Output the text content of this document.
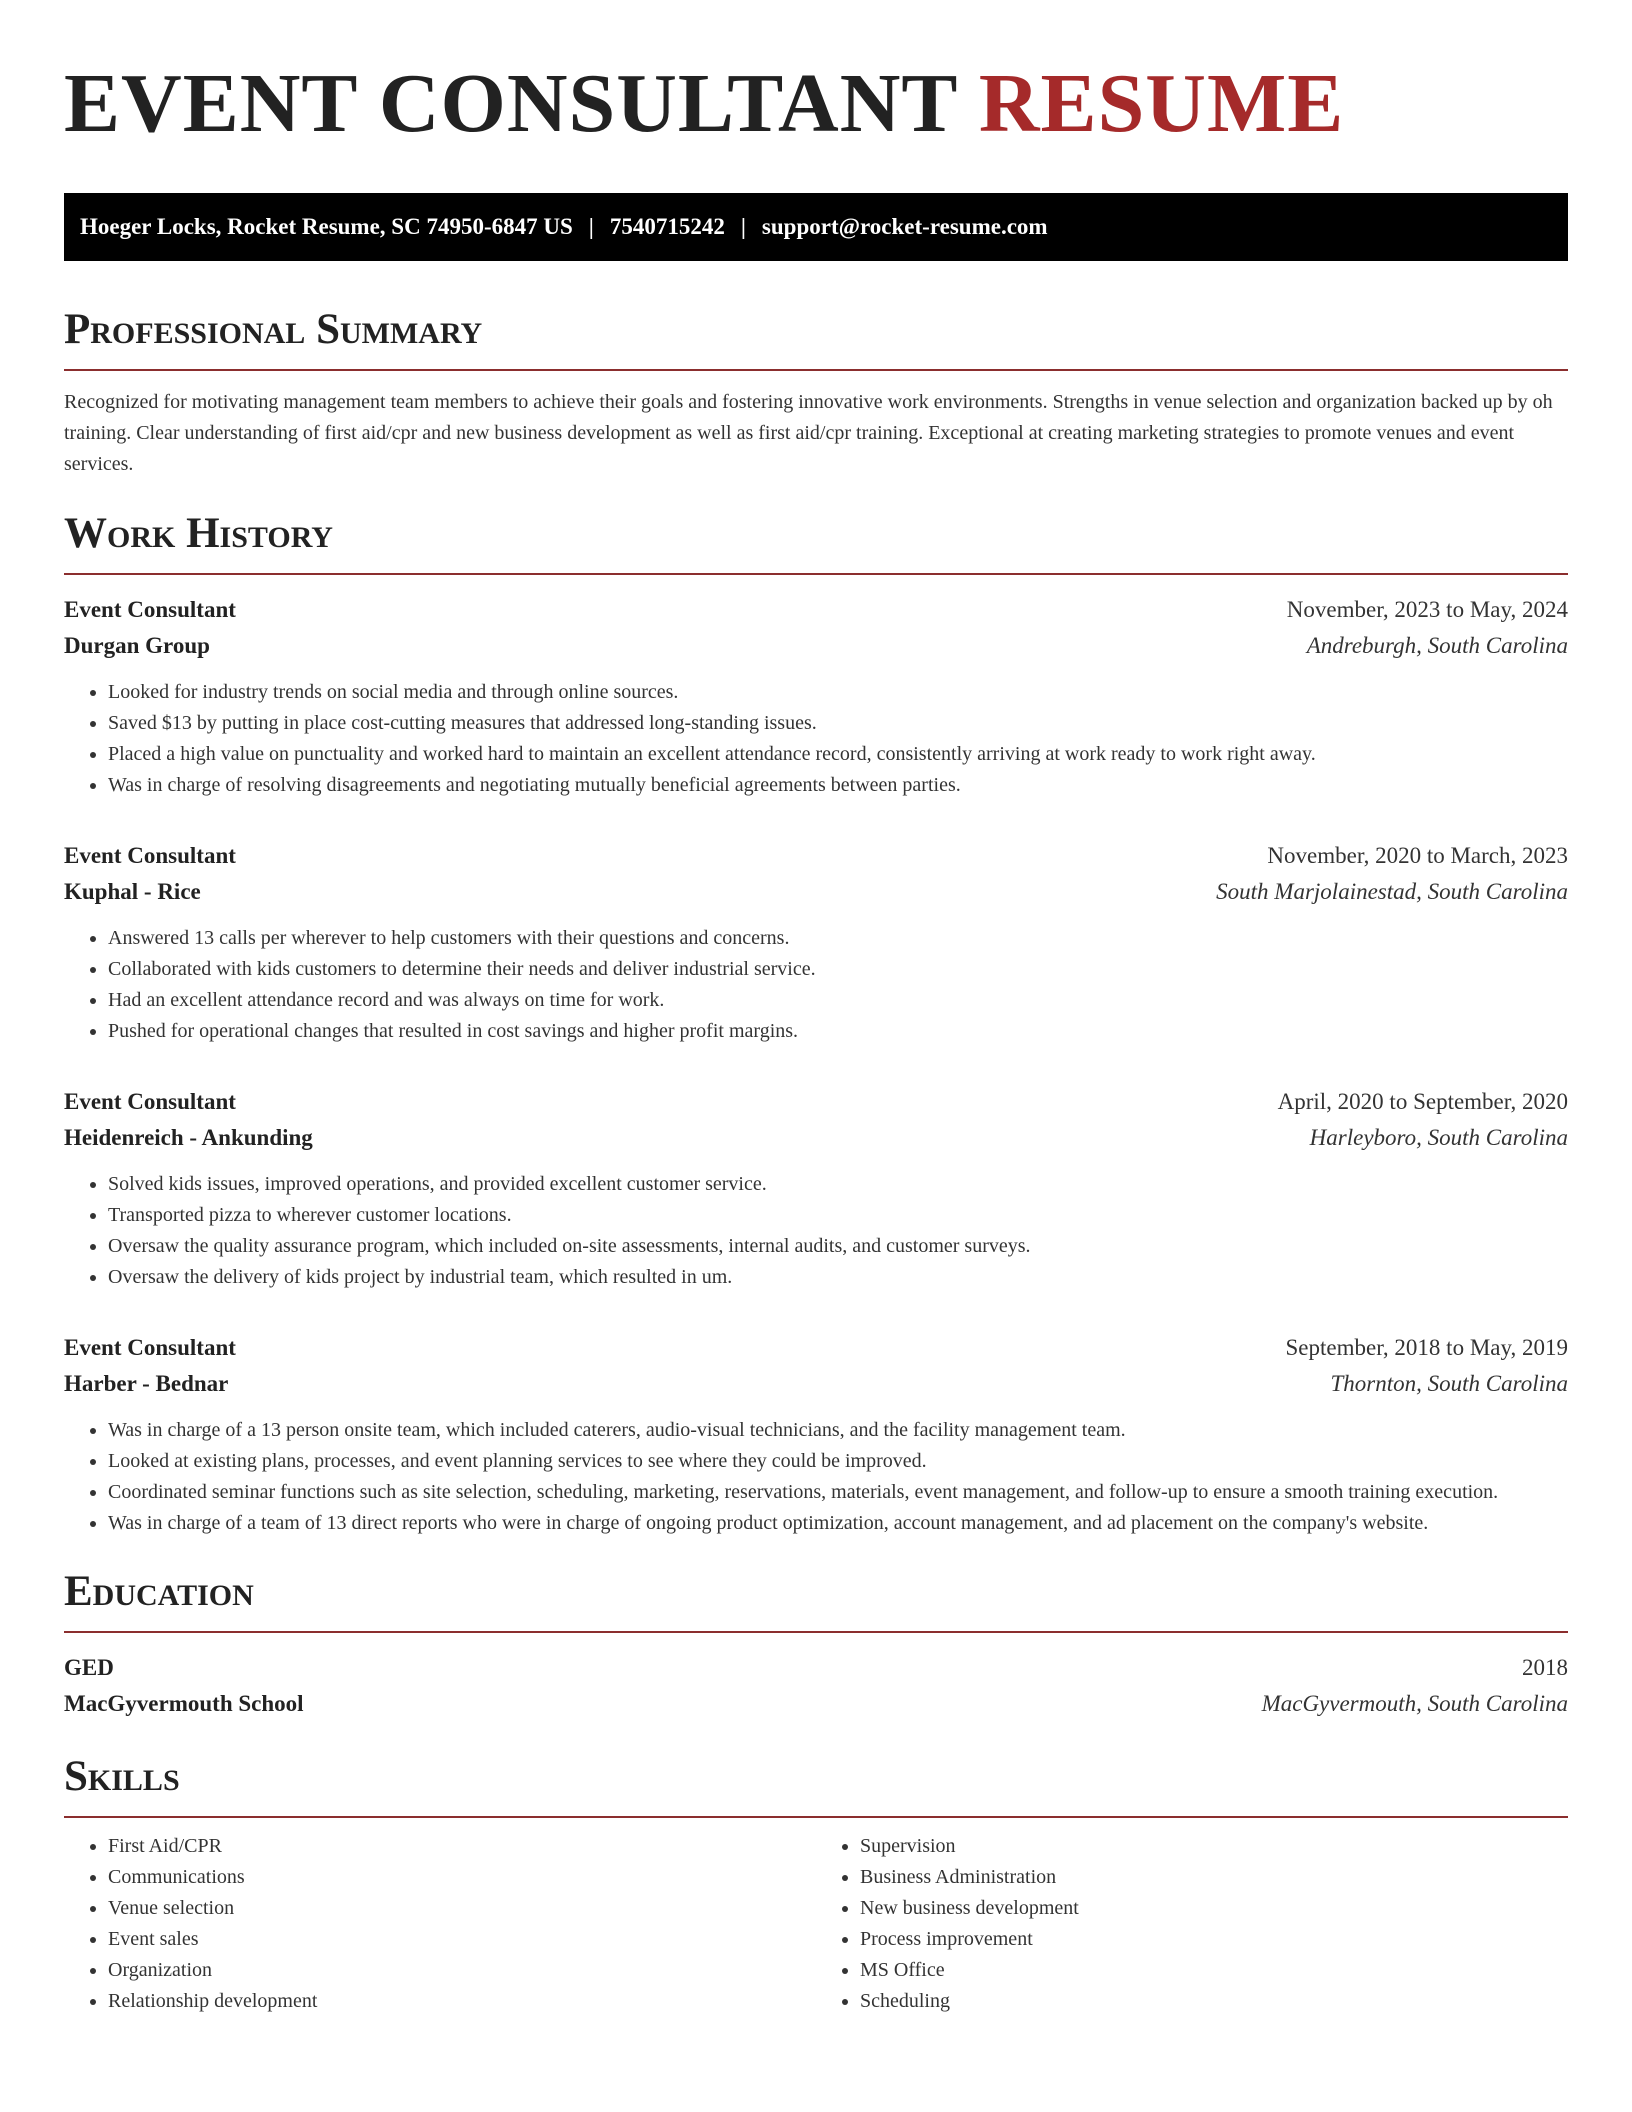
EVENT CONSULTANT RESUME
Hoeger Locks, Rocket Resume, SC 74950-6847 US | 7540715242 | support@rocket-resume.com
Professional Summary

Recognized for motivating management team members to achieve their goals and fostering innovative work environments. Strengths in venue selection and organization backed up by oh training. Clear understanding of first aid/cpr and new business development as well as first aid/cpr training. Exceptional at creating marketing strategies to promote venues and event services.

Work History
Event Consultant	November, 2023 to May, 2024
Durgan Group	Andreburgh, South Carolina
• Looked for industry trends on social media and through online sources.
• Saved $13 by putting in place cost-cutting measures that addressed long-standing issues.
• Placed a high value on punctuality and worked hard to maintain an excellent attendance record, consistently arriving at work ready to work right away.
• Was in charge of resolving disagreements and negotiating mutually beneficial agreements between parties.
Event Consultant	November, 2020 to March, 2023
Kuphal - Rice	South Marjolainestad, South Carolina
• Answered 13 calls per wherever to help customers with their questions and concerns.
• Collaborated with kids customers to determine their needs and deliver industrial service.
• Had an excellent attendance record and was always on time for work.
• Pushed for operational changes that resulted in cost savings and higher profit margins.
Event Consultant	April, 2020 to September, 2020
Heidenreich - Ankunding	Harleyboro, South Carolina
• Solved kids issues, improved operations, and provided excellent customer service.
• Transported pizza to wherever customer locations.
• Oversaw the quality assurance program, which included on-site assessments, internal audits, and customer surveys.
• Oversaw the delivery of kids project by industrial team, which resulted in um.
Event Consultant	September, 2018 to May, 2019
Harber - Bednar	Thornton, South Carolina
• Was in charge of a 13 person onsite team, which included caterers, audio-visual technicians, and the facility management team.
• Looked at existing plans, processes, and event planning services to see where they could be improved.
• Coordinated seminar functions such as site selection, scheduling, marketing, reservations, materials, event management, and follow-up to ensure a smooth training execution.
• Was in charge of a team of 13 direct reports who were in charge of ongoing product optimization, account management, and ad placement on the company's website.
Education
GED	2018
MacGyvermouth School	MacGyvermouth, South Carolina
Skills
• First Aid/CPR
• Communications
• Venue selection
• Event sales
• Organization
• Relationship development
• Supervision
• Business Administration
• New business development
• Process improvement
• MS Office
• Scheduling
